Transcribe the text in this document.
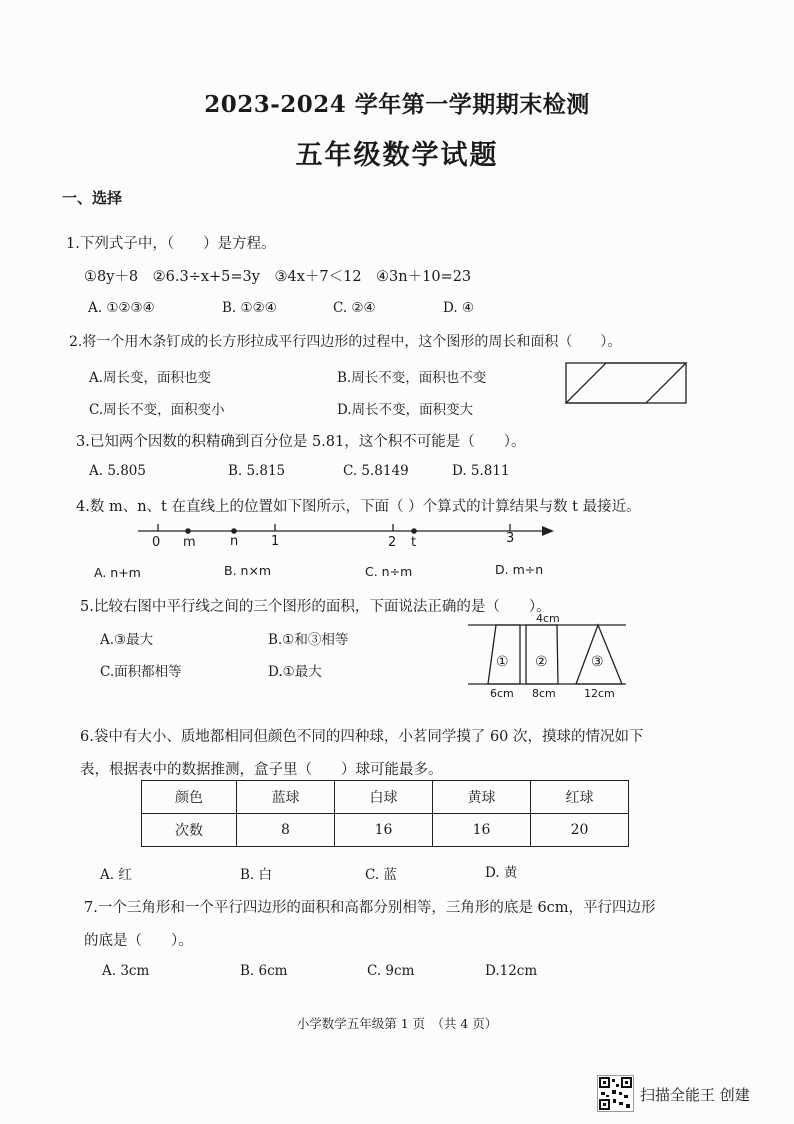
2023-2024 学年第一学期期末检测
五年级数学试题
一、选择
1.下列式子中，（　　）是方程。
①8y＋8　②6.3÷x+5=3y　③4x＋7＜12　④3n＋10=23
A. ①②③④	B. ①②④	C. ②④	D. ④
2.将一个用木条钉成的长方形拉成平行四边形的过程中，这个图形的周长和面积（　　）。
A.周长变，面积也变	B.周长不变，面积也不变
C.周长不变，面积变小	D.周长不变，面积变大
3.已知两个因数的积精确到百分位是 5.81，这个积不可能是（　　）。
A. 5.805	B. 5.815	C. 5.8149	D. 5.811
4.数 m、n、t 在直线上的位置如下图所示，下面（ ）个算式的计算结果与数 t 最接近。
0 m	n	1	2 t	3
A. n+m	B. n×m	C. n÷m	D. m÷n
5.比较右图中平行线之间的三个图形的面积，下面说法正确的是（　　）。
A.③最大	B.①和③相等
C.面积都相等	D.①最大
4cm
① ②	③
6cm 8cm	12cm
6.袋中有大小、质地都相同但颜色不同的四种球，小茗同学摸了 60 次，摸球的情况如下
表，根据表中的数据推测，盒子里（　　）球可能最多。
颜色	蓝球	白球	黄球	红球
次数	8	16	16	20
A. 红	B. 白	C. 蓝	D. 黄
7.一个三角形和一个平行四边形的面积和高都分别相等，三角形的底是 6cm，平行四边形
的底是（　　）。
A. 3cm	B. 6cm	C. 9cm	D.12cm
小学数学五年级第 1 页　（共 4 页）
扫描全能王 创建
